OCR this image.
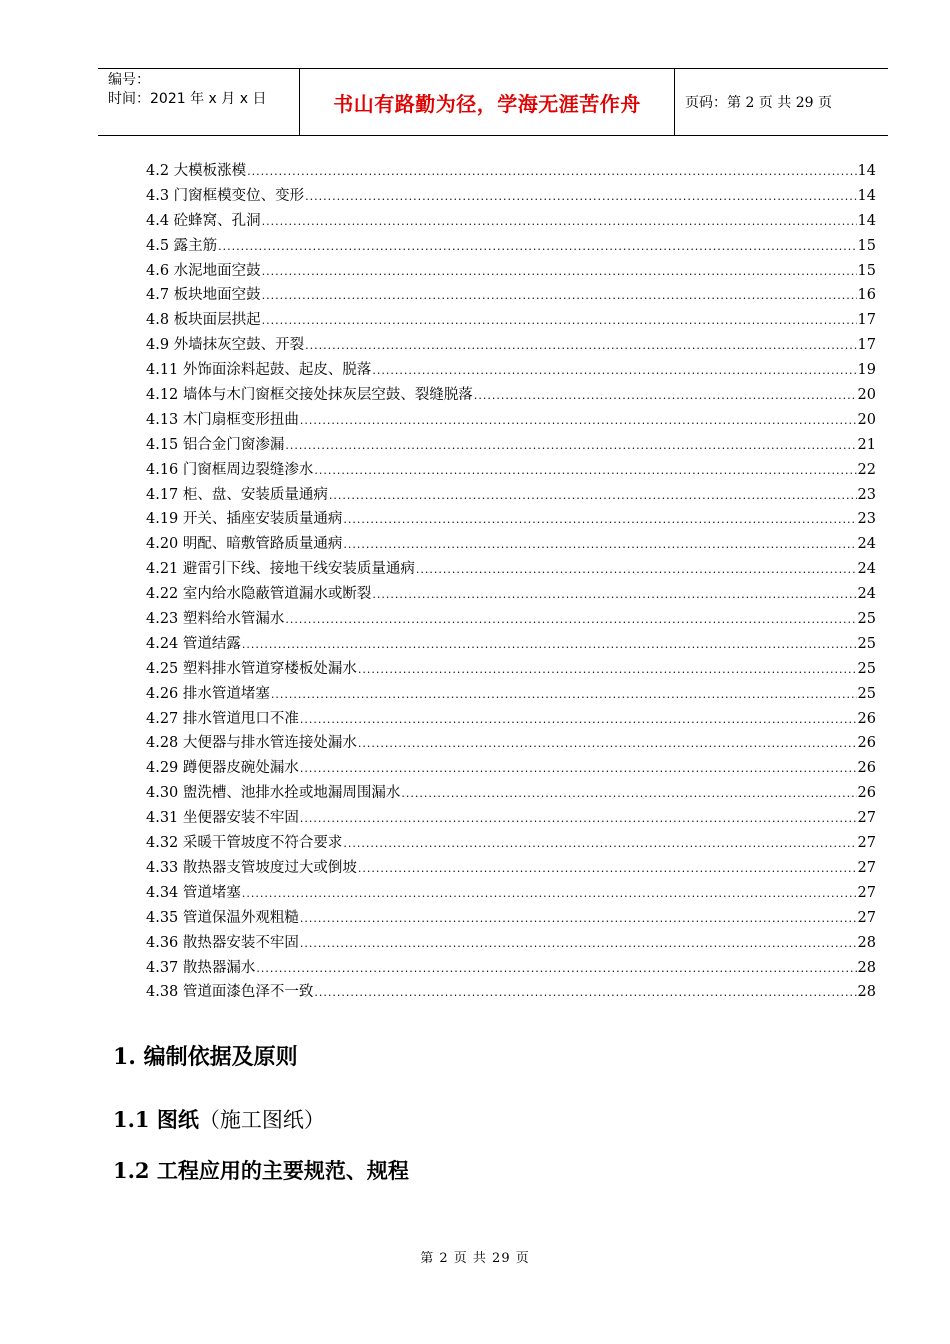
编号：
时间：2021 年 x 月 x 日	书山有路勤为径，学海无涯苦作舟	页码：第 2 页 共 29 页
4.2 大模板涨模 .....	14
4.3 门窗框模变位、变形 .....	14
4.4 砼蜂窝、孔洞 .....	14
4.5 露主筋 .....	15
4.6 水泥地面空鼓 .....	15
4.7 板块地面空鼓 .....	16
4.8 板块面层拱起 .....	17
4.9 外墙抹灰空鼓、开裂 .....	17
4.11 外饰面涂料起鼓、起皮、脱落 .....	19
4.12 墙体与木门窗框交接处抹灰层空鼓、裂缝脱落 .....	20
4.13 木门扇框变形扭曲 .....	20
4.15 铝合金门窗渗漏 .....	21
4.16 门窗框周边裂缝渗水 .....	22
4.17 柜、盘、安装质量通病 .....	23
4.19 开关、插座安装质量通病 .....	23
4.20 明配、暗敷管路质量通病 .....	24
4.21 避雷引下线、接地干线安装质量通病 .....	24
4.22 室内给水隐蔽管道漏水或断裂 .....	24
4.23 塑料给水管漏水 .....	25
4.24 管道结露 .....	25
4.25 塑料排水管道穿楼板处漏水 .....	25
4.26 排水管道堵塞 .....	25
4.27 排水管道甩口不准 .....	26
4.28 大便器与排水管连接处漏水 .....	26
4.29 蹲便器皮碗处漏水 .....	26
4.30 盥洗槽、池排水拴或地漏周围漏水 .....	26
4.31 坐便器安装不牢固 .....	27
4.32 采暖干管坡度不符合要求 .....	27
4.33 散热器支管坡度过大或倒坡 .....	27
4.34 管道堵塞 .....	27
4.35 管道保温外观粗糙 .....	27
4.36 散热器安装不牢固 .....	28
4.37 散热器漏水 .....	28
4.38 管道面漆色泽不一致 .....	28
1. 编制依据及原则
1.1 图纸（施工图纸）
1.2 工程应用的主要规范、规程
第 2 页 共 29 页
